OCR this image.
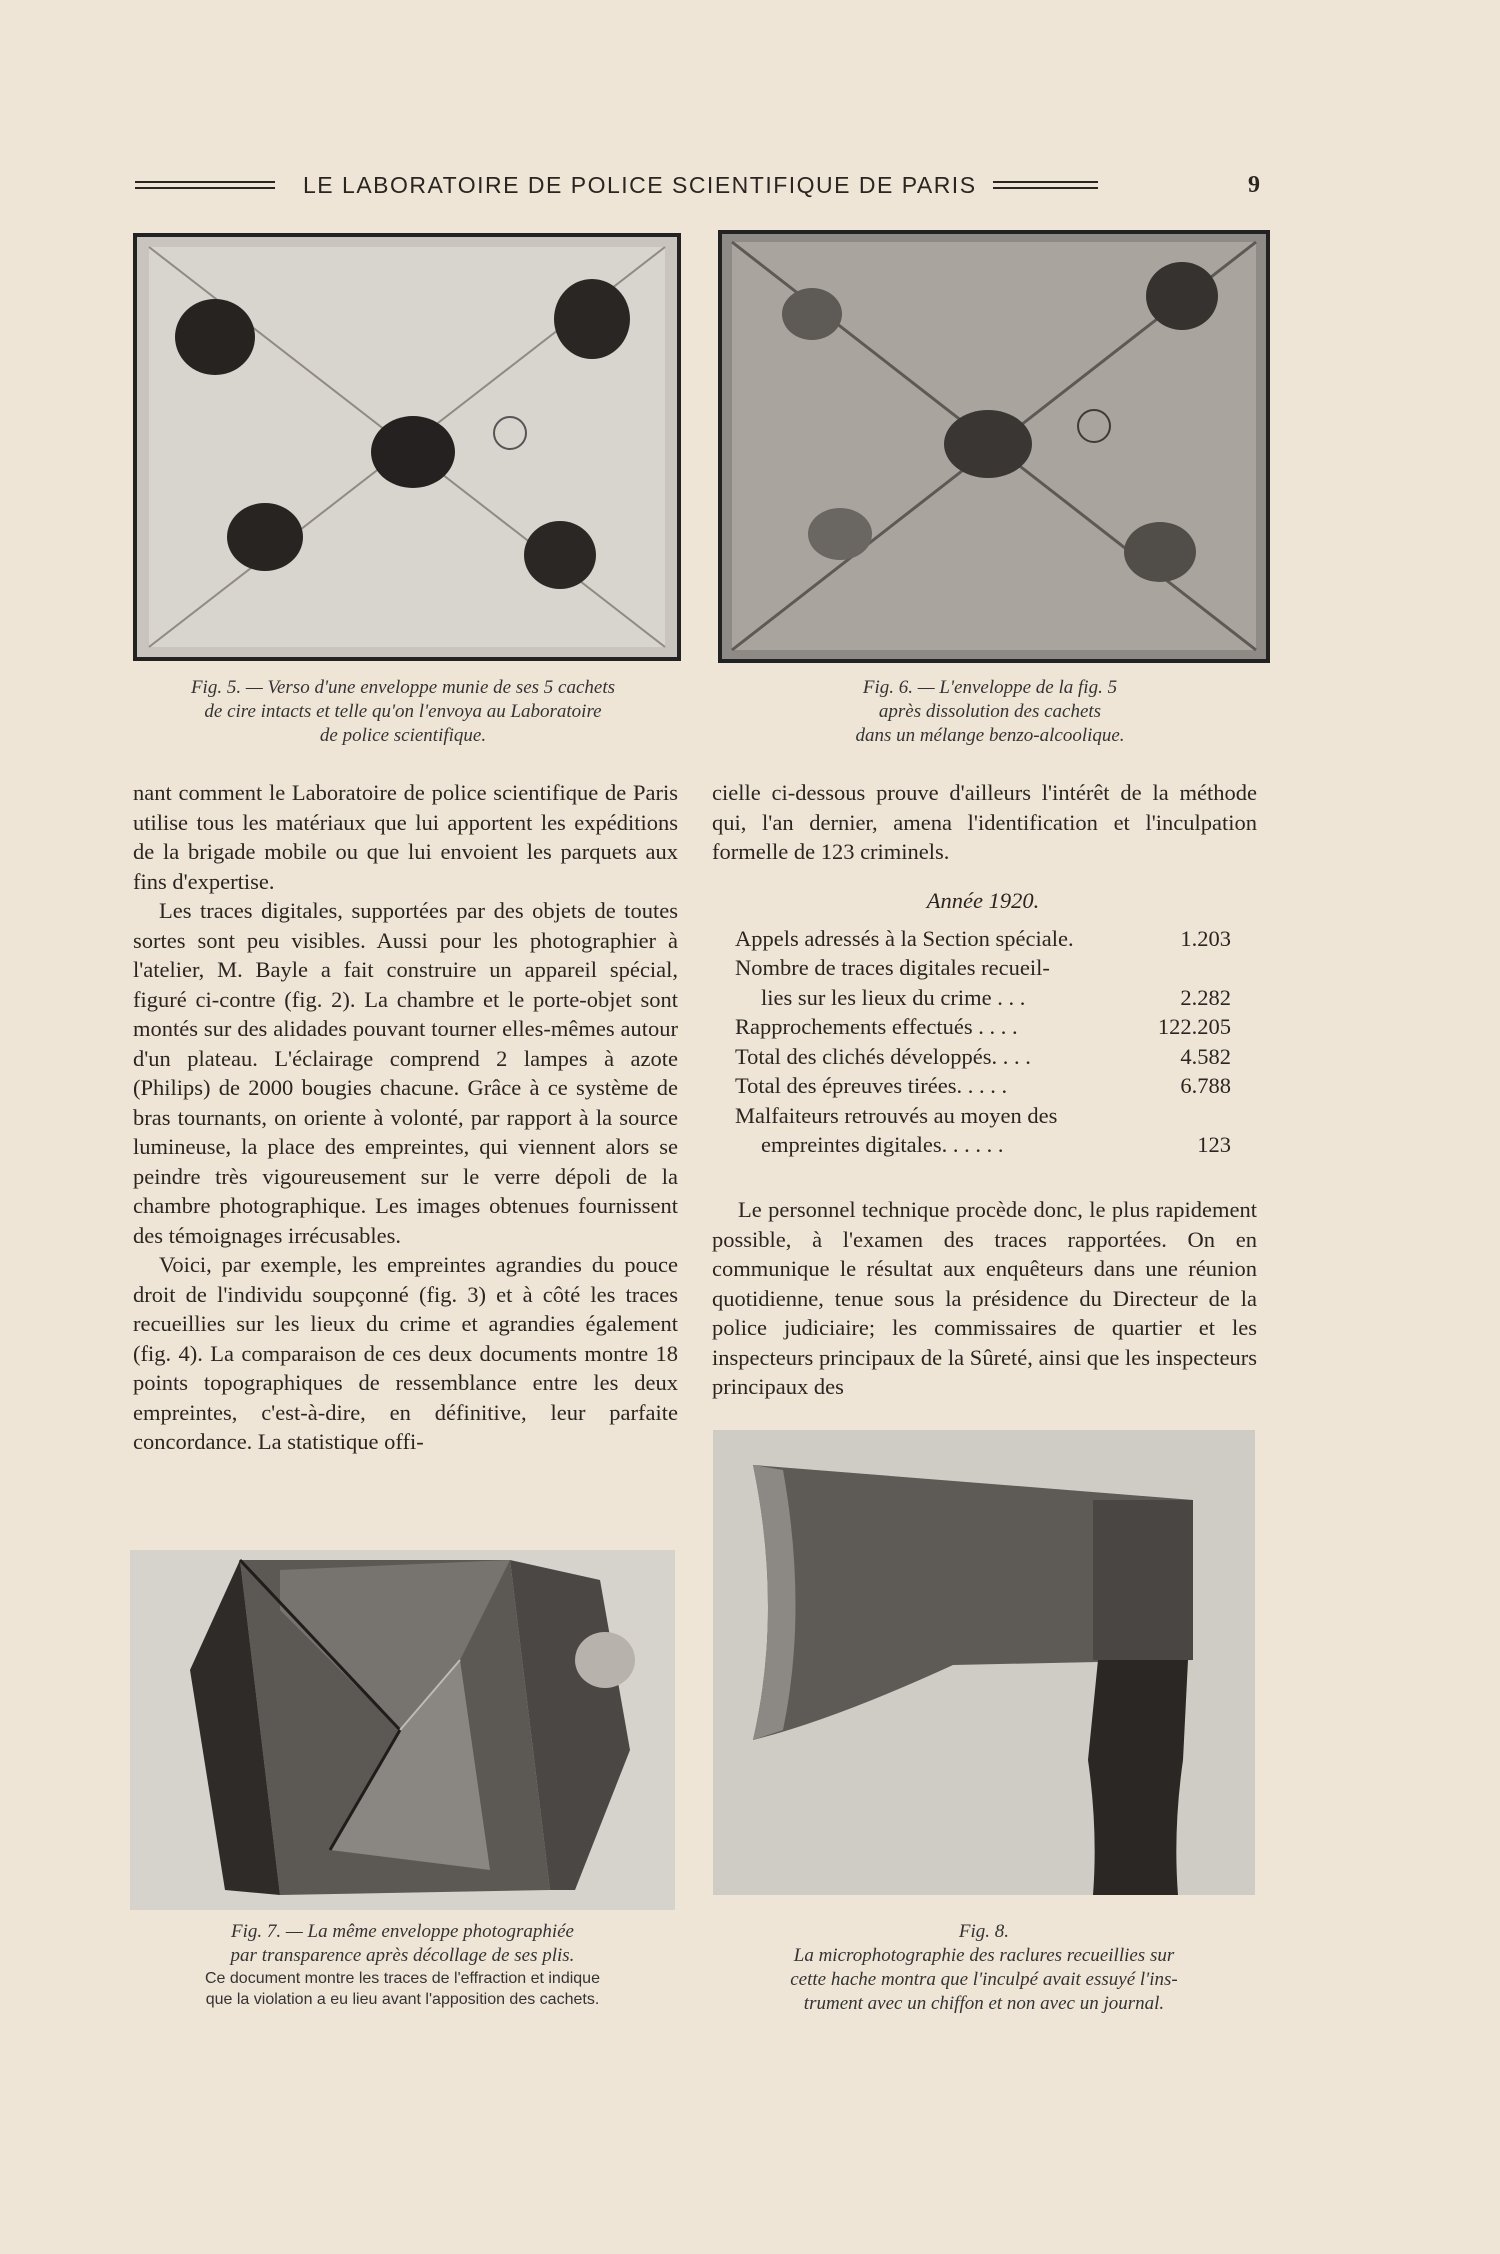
LE LABORATOIRE DE POLICE SCIENTIFIQUE DE PARIS	9
Fig. 5. — Verso d'une enveloppe munie de ses 5 cachets
de cire intacts et telle qu'on l'envoya au Laboratoire
de police scientifique.
Fig. 6. — L'enveloppe de la fig. 5
après dissolution des cachets
dans un mélange benzo-alcoolique.

nant comment le Laboratoire de police scientifique de Paris utilise tous les matériaux que lui apportent les expéditions de la brigade mobile ou que lui envoient les parquets aux fins d'expertise.

Les traces digitales, supportées par des objets de toutes sortes sont peu visibles. Aussi pour les photographier à l'atelier, M. Bayle a fait construire un appareil spécial, figuré ci-contre (fig. 2). La chambre et le porte-objet sont montés sur des alidades pouvant tourner elles-mêmes autour d'un plateau. L'éclairage comprend 2 lampes à azote (Philips) de 2000 bougies chacune. Grâce à ce système de bras tournants, on oriente à volonté, par rapport à la source lumineuse, la place des empreintes, qui viennent alors se peindre très vigoureusement sur le verre dépoli de la chambre photographique. Les images obtenues fournissent des témoignages irrécusables.

Voici, par exemple, les empreintes agrandies du pouce droit de l'individu soupçonné (fig. 3) et à côté les traces recueillies sur les lieux du crime et agrandies également (fig. 4). La comparaison de ces deux documents montre 18 points topographiques de ressemblance entre les deux empreintes, c'est-à-dire, en définitive, leur parfaite concordance. La statistique offi-

cielle ci-dessous prouve d'ailleurs l'intérêt de la méthode qui, l'an dernier, amena l'identification et l'inculpation formelle de 123 criminels.

Année 1920.
Appels adressés à la Section spéciale.	1.203
Nombre de traces digitales recueil-
lies sur les lieux du crime . . .	2.282
Rapprochements effectués . . . .	122.205
Total des clichés développés. . . .	4.582
Total des épreuves tirées. . . . .	6.788
Malfaiteurs retrouvés au moyen des
empreintes digitales. . . . . .	123

Le personnel technique procède donc, le plus rapidement possible, à l'examen des traces rapportées. On en communique le résultat aux enquêteurs dans une réunion quotidienne, tenue sous la présidence du Directeur de la police judiciaire; les commissaires de quartier et les inspecteurs principaux de la Sûreté, ainsi que les inspecteurs principaux des

Fig. 7. — La même enveloppe photographiée
par transparence après décollage de ses plis.
Ce document montre les traces de l'effraction et indique
que la violation a eu lieu avant l'apposition des cachets.
Fig. 8.
La microphotographie des raclures recueillies sur
cette hache montra que l'inculpé avait essuyé l'ins-
trument avec un chiffon et non avec un journal.
